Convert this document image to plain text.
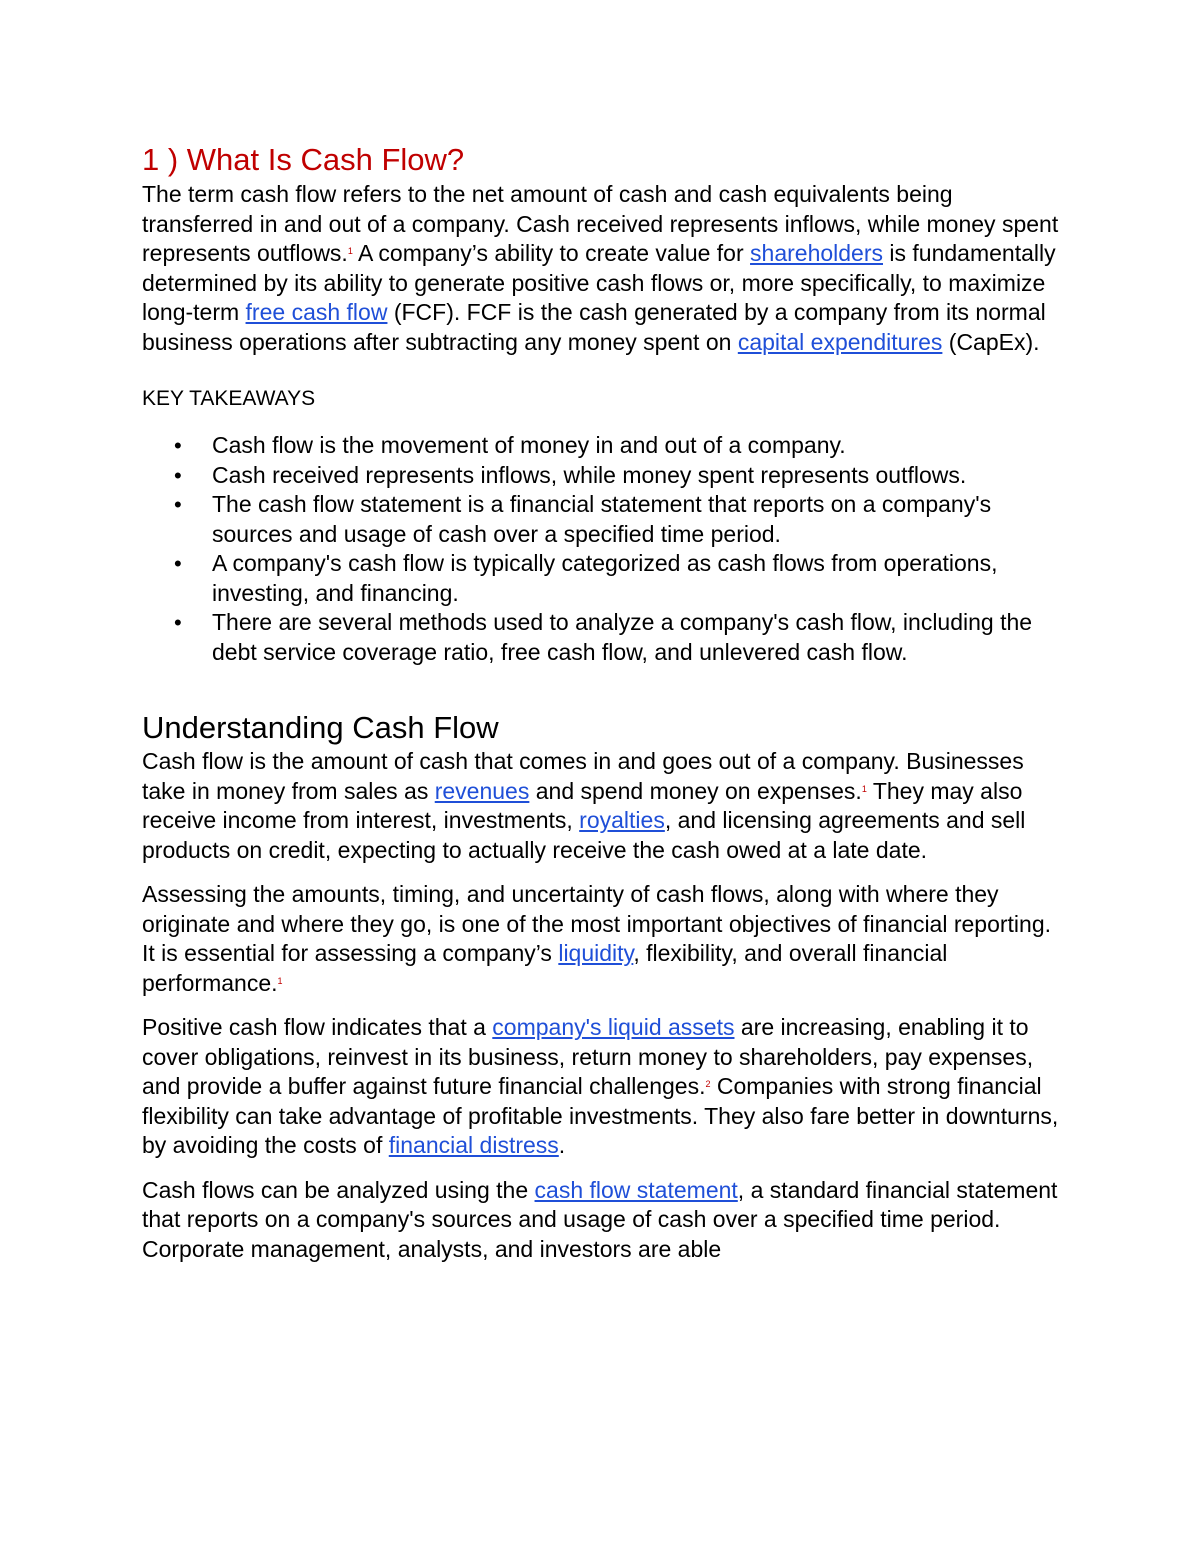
1 ) What Is Cash Flow?

The term cash flow refers to the net amount of cash and cash equivalents being transferred in and out of a company. Cash received represents inflows, while money spent represents outflows.$^1$ A company’s ability to create value for shareholders is fundamentally determined by its ability to generate positive cash flows or, more specifically, to maximize long-term free cash flow (FCF). FCF is the cash generated by a company from its normal business operations after subtracting any money spent on capital expenditures (CapEx).

KEY TAKEAWAYS

• Cash flow is the movement of money in and out of a company.
• Cash received represents inflows, while money spent represents outflows.
• The cash flow statement is a financial statement that reports on a company's sources and usage of cash over a specified time period.
• A company's cash flow is typically categorized as cash flows from operations, investing, and financing.
• There are several methods used to analyze a company's cash flow, including the debt service coverage ratio, free cash flow, and unlevered cash flow.
Understanding Cash Flow

Cash flow is the amount of cash that comes in and goes out of a company. Businesses take in money from sales as revenues and spend money on expenses.$^1$ They may also receive income from interest, investments, royalties, and licensing agreements and sell products on credit, expecting to actually receive the cash owed at a late date.

Assessing the amounts, timing, and uncertainty of cash flows, along with where they originate and where they go, is one of the most important objectives of financial reporting. It is essential for assessing a company’s liquidity, flexibility, and overall financial performance.$^1$

Positive cash flow indicates that a company's liquid assets are increasing, enabling it to cover obligations, reinvest in its business, return money to shareholders, pay expenses, and provide a buffer against future financial challenges.$^2$ Companies with strong financial flexibility can take advantage of profitable investments. They also fare better in downturns, by avoiding the costs of financial distress.

Cash flows can be analyzed using the cash flow statement, a standard financial statement that reports on a company's sources and usage of cash over a specified time period. Corporate management, analysts, and investors are able
